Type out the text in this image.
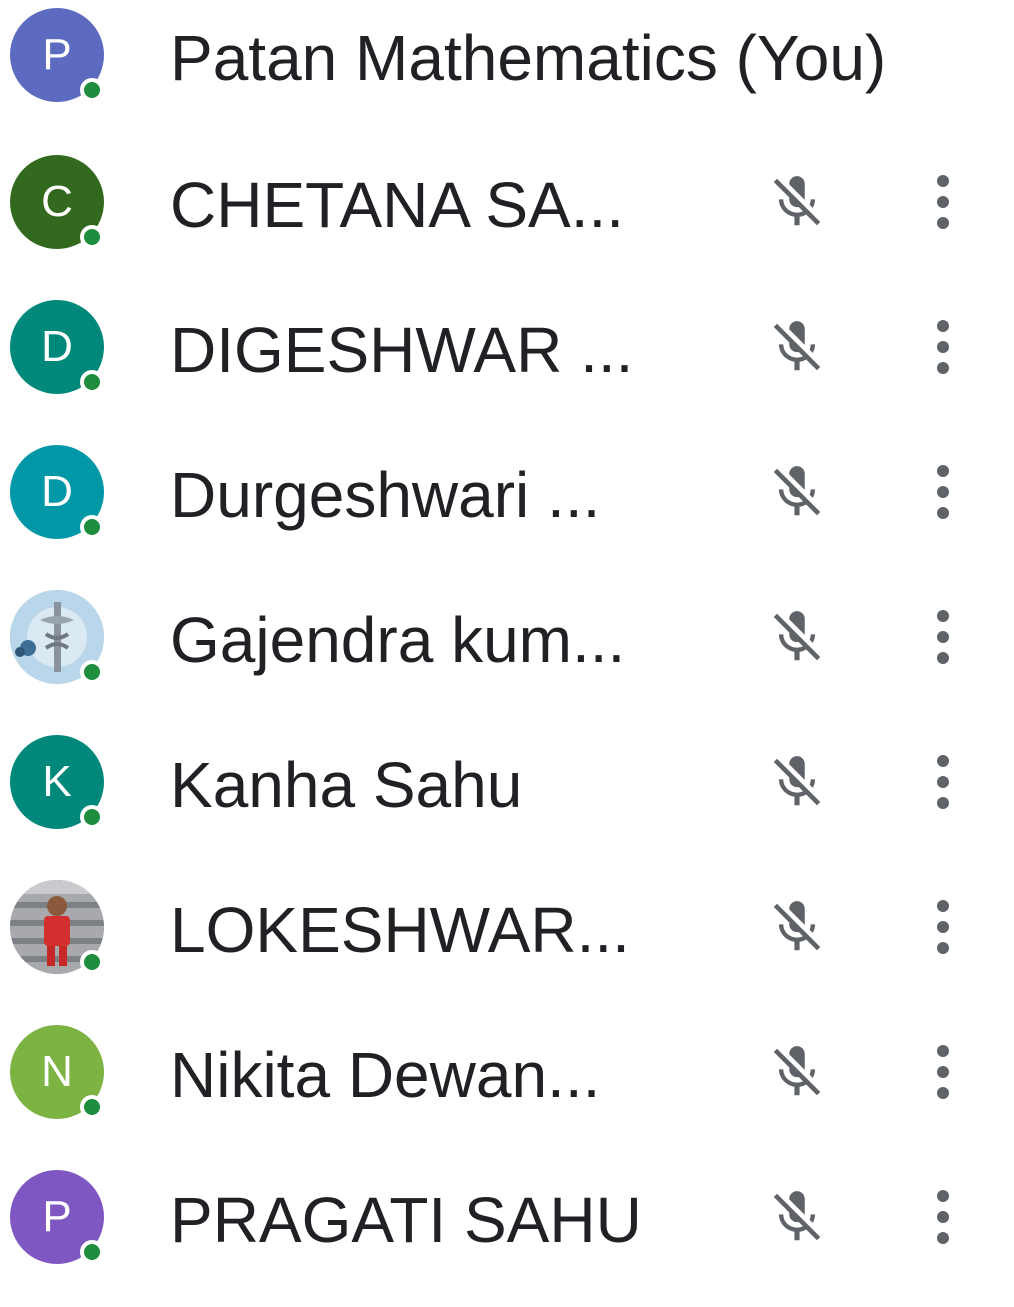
P	Patan Mathematics (You)
C	CHETANA SA...
D	DIGESHWAR ...
D	Durgeshwari ...
Gajendra kum...
K	Kanha Sahu
LOKESHWAR...
N	Nikita Dewan...
P	PRAGATI SAHU
